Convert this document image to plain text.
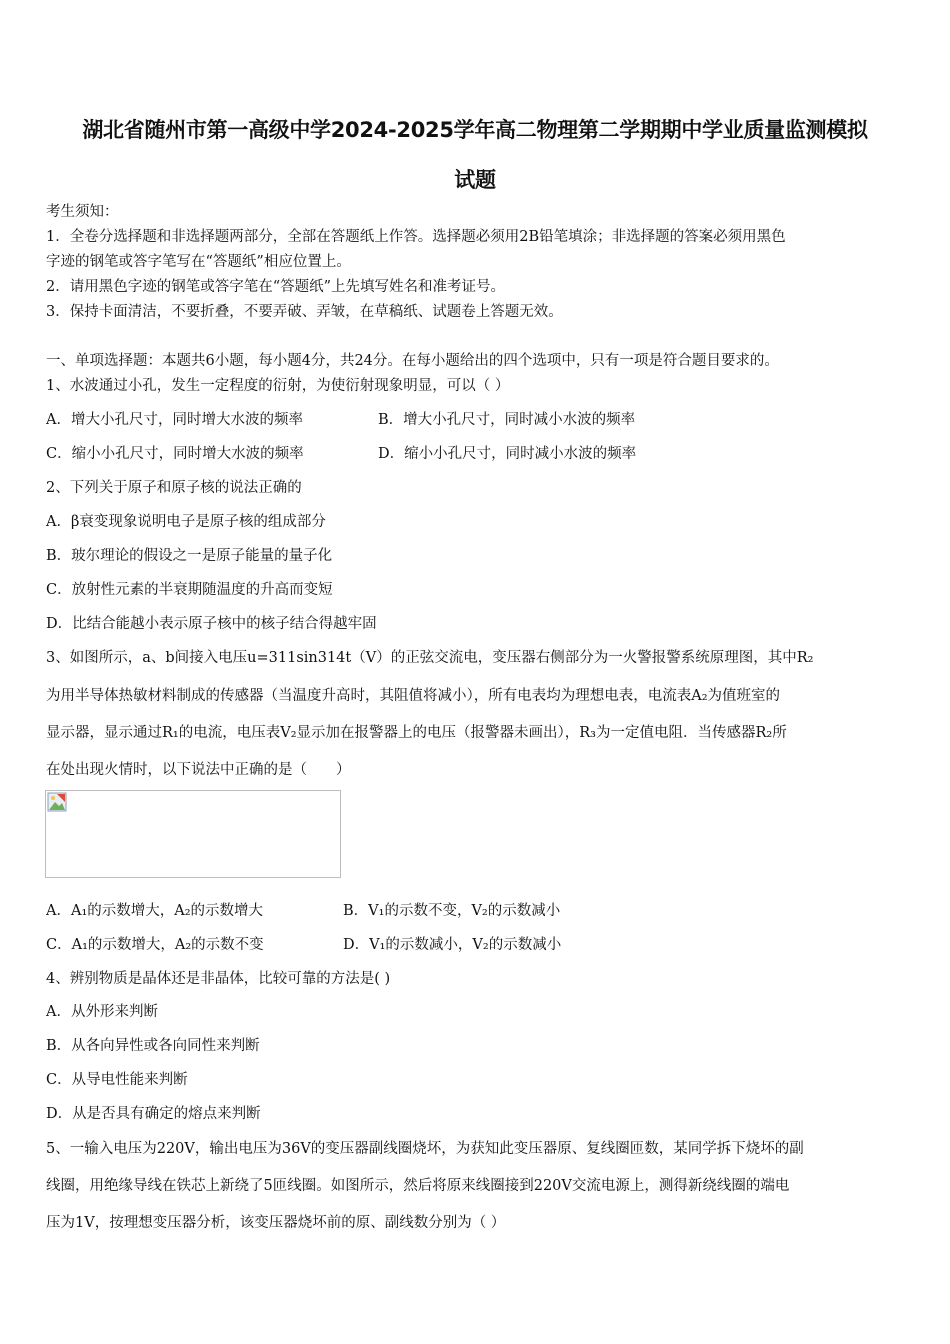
湖北省随州市第一高级中学2024-2025学年高二物理第二学期期中学业质量监测模拟
试题
考生须知：
1．全卷分选择题和非选择题两部分，全部在答题纸上作答。选择题必须用2B铅笔填涂；非选择题的答案必须用黑色
字迹的钢笔或答字笔写在“答题纸”相应位置上。
2．请用黑色字迹的钢笔或答字笔在“答题纸”上先填写姓名和准考证号。
3．保持卡面清洁，不要折叠，不要弄破、弄皱，在草稿纸、试题卷上答题无效。
一、单项选择题：本题共6小题，每小题4分，共24分。在每小题给出的四个选项中，只有一项是符合题目要求的。
1、水波通过小孔，发生一定程度的衍射，为使衍射现象明显，可以（ ）
A．增大小孔尺寸，同时增大水波的频率	B．增大小孔尺寸，同时减小水波的频率
C．缩小小孔尺寸，同时增大水波的频率	D．缩小小孔尺寸，同时减小水波的频率
2、下列关于原子和原子核的说法正确的
A．β衰变现象说明电子是原子核的组成部分
B．玻尔理论的假设之一是原子能量的量子化
C．放射性元素的半衰期随温度的升高而变短
D．比结合能越小表示原子核中的核子结合得越牢固
3、如图所示，a、b间接入电压u=311sin314t（V）的正弦交流电，变压器右侧部分为一火警报警系统原理图，其中R₂
为用半导体热敏材料制成的传感器（当温度升高时，其阻值将减小），所有电表均为理想电表，电流表A₂为值班室的
显示器，显示通过R₁的电流，电压表V₂显示加在报警器上的电压（报警器未画出），R₃为一定值电阻．当传感器R₂所
在处出现火情时，以下说法中正确的是（　　）
A．A₁的示数增大，A₂的示数增大	B．V₁的示数不变，V₂的示数减小
C．A₁的示数增大，A₂的示数不变	D．V₁的示数减小，V₂的示数减小
4、辨别物质是晶体还是非晶体，比较可靠的方法是( )
A．从外形来判断
B．从各向异性或各向同性来判断
C．从导电性能来判断
D．从是否具有确定的熔点来判断
5、一输入电压为220V，输出电压为36V的变压器副线圈烧坏，为获知此变压器原、复线圈匝数，某同学拆下烧坏的副
线圈，用绝缘导线在铁芯上新绕了5匝线圈。如图所示，然后将原来线圈接到220V交流电源上，测得新绕线圈的端电
压为1V，按理想变压器分析，该变压器烧坏前的原、副线数分别为（ ）
